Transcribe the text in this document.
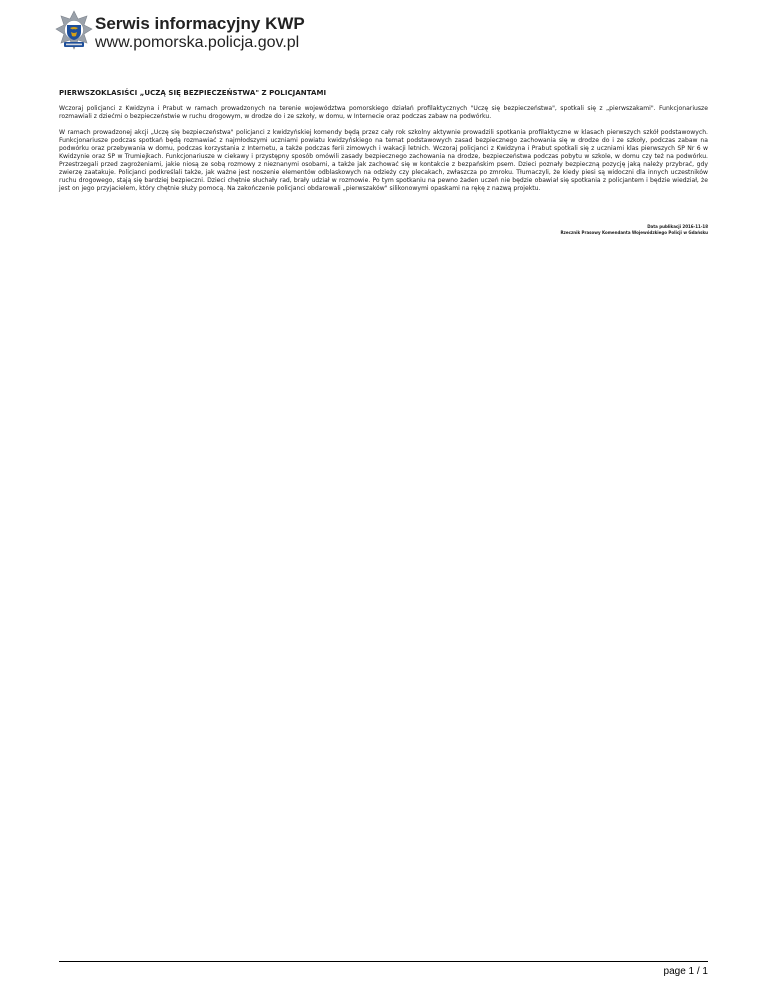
Serwis informacyjny KWP
www.pomorska.policja.gov.pl
PIERWSZOKLASIŚCI „UCZĄ SIĘ BEZPIECZEŃSTWA" Z POLICJANTAMI

Wczoraj policjanci z Kwidzyna i Prabut w ramach prowadzonych na terenie województwa pomorskiego działań profilaktycznych "Uczę się bezpieczeństwa", spotkali się z „pierwszakami". Funkcjonariusze rozmawiali z dziećmi o bezpieczeństwie w ruchu drogowym, w drodze do i ze szkoły, w domu, w Internecie oraz podczas zabaw na podwórku.

W ramach prowadzonej akcji „Uczę się bezpieczeństwa" policjanci z kwidzyńskiej komendy będą przez cały rok szkolny aktywnie prowadzili spotkania profilaktyczne w klasach pierwszych szkół podstawowych. Funkcjonariusze podczas spotkań będą rozmawiać z najmłodszymi uczniami powiatu kwidzyńskiego na temat podstawowych zasad bezpiecznego zachowania się w drodze do i ze szkoły, podczas zabaw na podwórku oraz przebywania w domu, podczas korzystania z Internetu, a także podczas ferii zimowych i wakacji letnich. Wczoraj policjanci z Kwidzyna i Prabut spotkali się z uczniami klas pierwszych SP Nr 6 w Kwidzynie oraz SP w Trumiejkach. Funkcjonariusze w ciekawy i przystępny sposób omówili zasady bezpiecznego zachowania na drodze, bezpieczeństwa podczas pobytu w szkole, w domu czy też na podwórku. Przestrzegali przed zagrożeniami, jakie niosą ze sobą rozmowy z nieznanymi osobami, a także jak zachować się w kontakcie z bezpańskim psem. Dzieci poznały bezpieczną pozycję jaką należy przybrać, gdy zwierzę zaatakuje. Policjanci podkreślali także, jak ważne jest noszenie elementów odblaskowych na odzieży czy plecakach, zwłaszcza po zmroku. Tłumaczyli, że kiedy piesi są widoczni dla innych uczestników ruchu drogowego, stają się bardziej bezpieczni. Dzieci chętnie słuchały rad, brały udział w rozmowie. Po tym spotkaniu na pewno żaden uczeń nie będzie obawiał się spotkania z policjantem i będzie wiedział, że jest on jego przyjacielem, który chętnie służy pomocą. Na zakończenie policjanci obdarowali „pierwszaków" silikonowymi opaskami na rękę z nazwą projektu.

Data publikacji 2016-11-18
Rzecznik Prasowy Komendanta Wojewódzkiego Policji w Gdańsku
page 1 / 1
